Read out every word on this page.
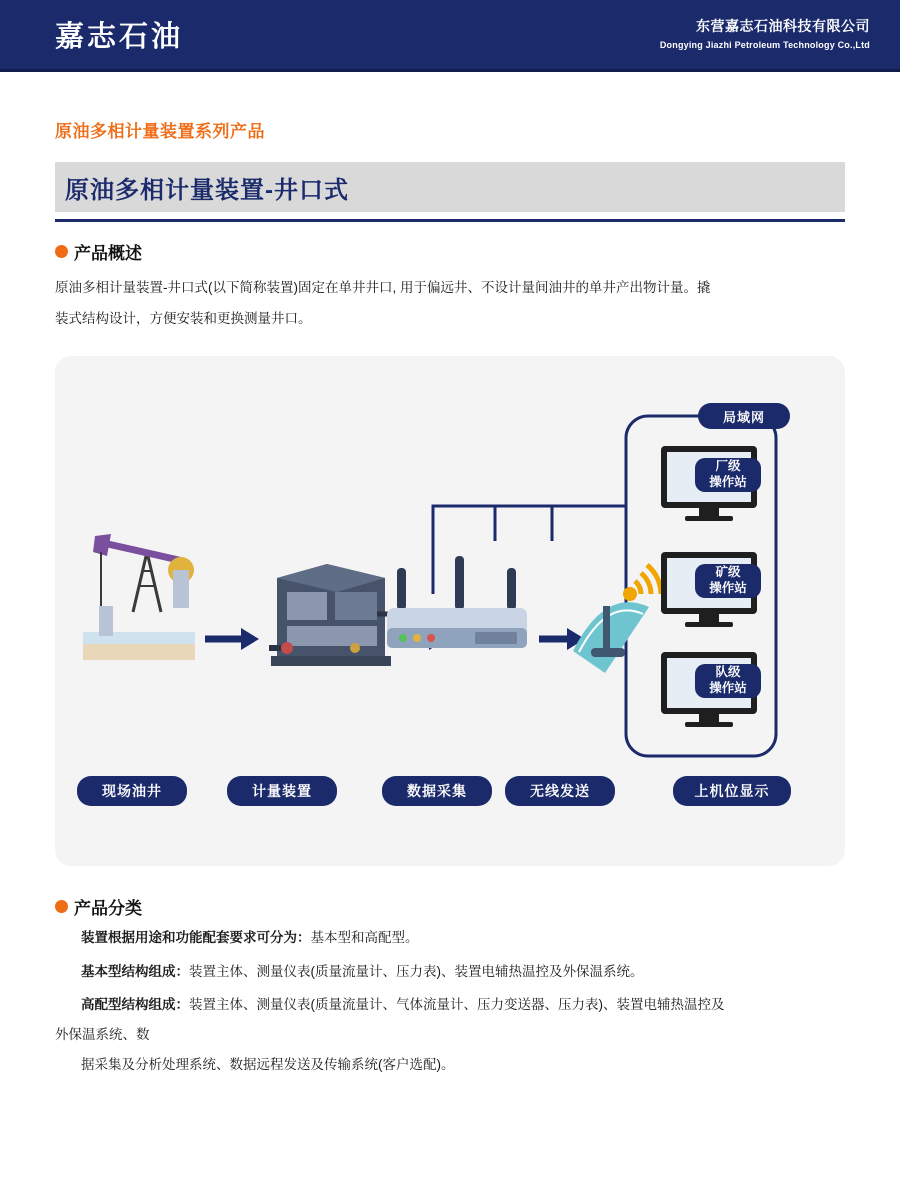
嘉志石油	东营嘉志石油科技有限公司
Dongying Jiazhi Petroleum Technology Co.,Ltd
原油多相计量装置系列产品
原油多相计量装置-井口式
产品概述
原油多相计量装置-井口式(以下简称装置)固定在单井井口, 用于偏远井、不设计量间油井的单井产出物计量。撬
装式结构设计，方便安装和更换测量井口。
局域网
厂级
操作站
矿级
操作站
队级
操作站
现场油井	计量装置	数据采集	无线发送	上机位显示
产品分类
装置根据用途和功能配套要求可分为：基本型和高配型。
基本型结构组成：装置主体、测量仪表(质量流量计、压力表)、装置电辅热温控及外保温系统。
高配型结构组成：装置主体、测量仪表(质量流量计、气体流量计、压力变送器、压力表)、装置电辅热温控及
外保温系统、数
据采集及分析处理系统、数据远程发送及传输系统(客户选配)。
